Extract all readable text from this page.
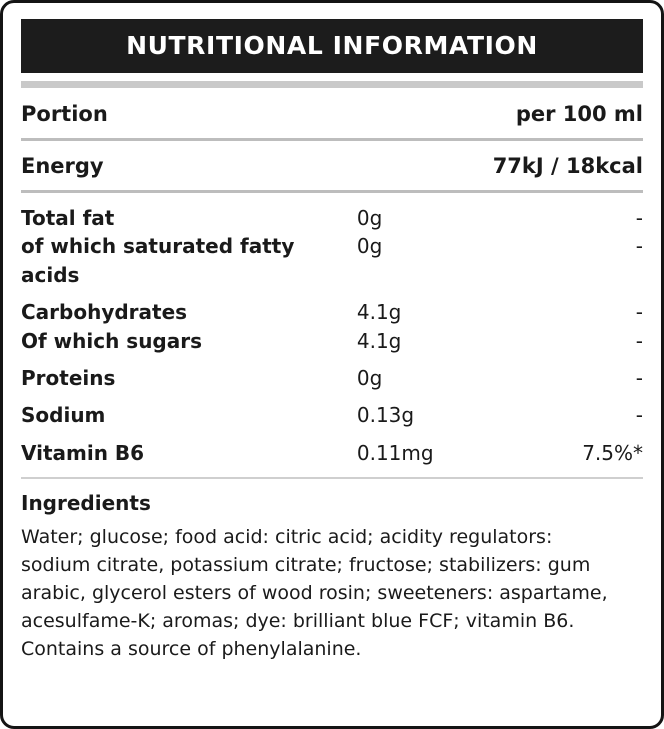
NUTRITIONAL INFORMATION
Portion	per 100 ml
Energy	77kJ / 18kcal
Total fat	0g	-
of which saturated fatty acids	0g	-

Carbohydrates	4.1g	-
Of which sugars	4.1g	-

Proteins	0g	-

Sodium	0.13g	-

Vitamin B6	0.11mg	7.5%*
Ingredients
Water; glucose; food acid: citric acid; acidity regulators: sodium citrate, potassium citrate; fructose; stabilizers: gum arabic, glycerol esters of wood rosin; sweeteners: aspartame, acesulfame-K; aromas; dye: brilliant blue FCF; vitamin B6. Contains a source of phenylalanine.
